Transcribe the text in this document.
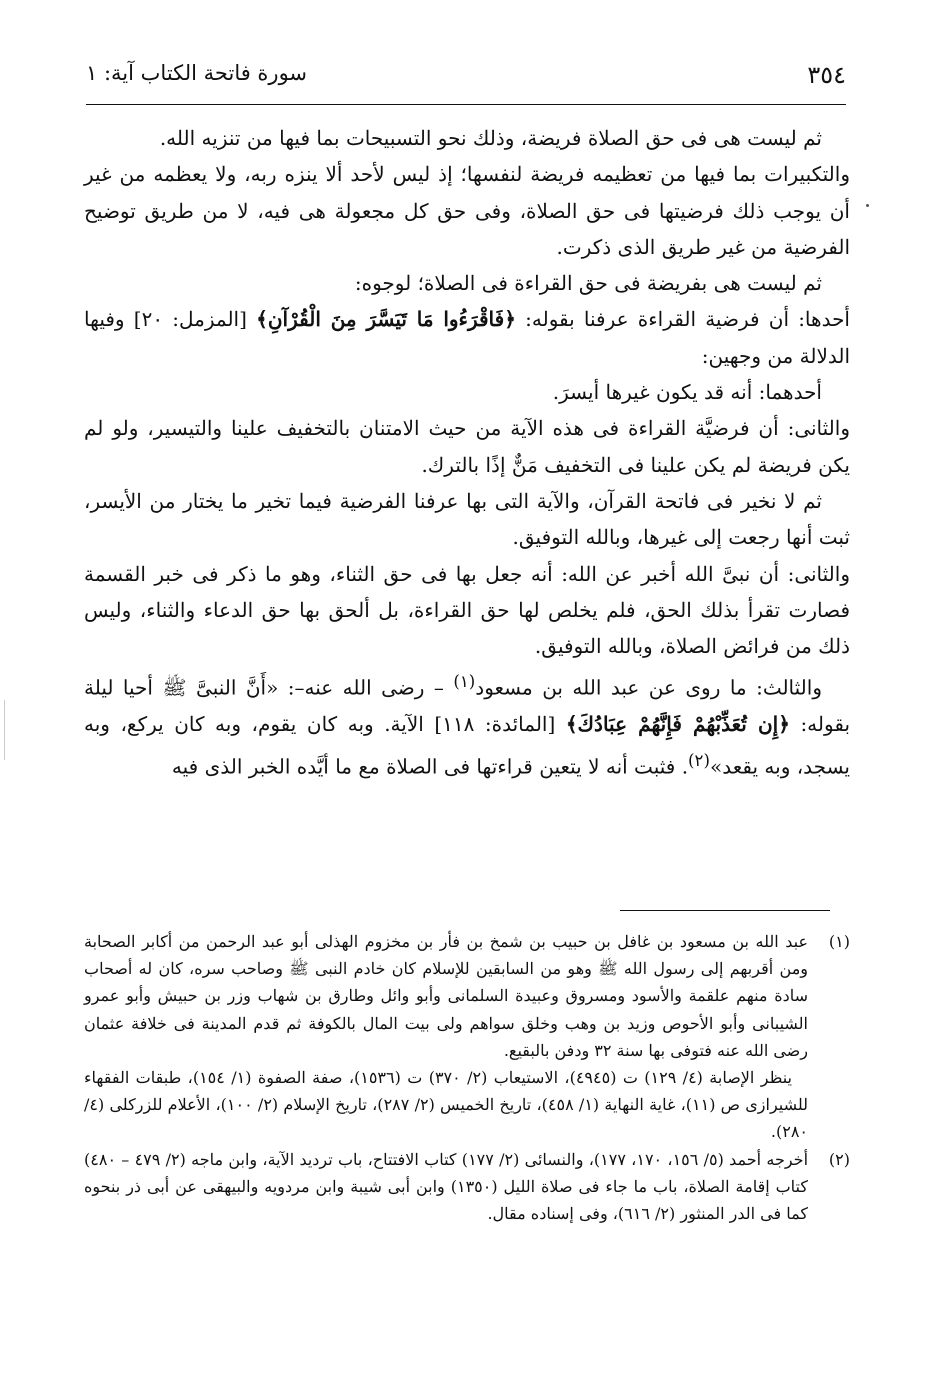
٣٥٤
سورة فاتحة الكتاب آية: ١

ثم ليست هى فى حق الصلاة فريضة، وذلك نحو التسبيحات بما فيها من تنزيه الله.

والتكبيرات بما فيها من تعظيمه فريضة لنفسها؛ إذ ليس لأحد ألا ينزه ربه، ولا يعظمه من غير أن يوجب ذلك فرضيتها فى حق الصلاة، وفى حق كل مجعولة هى فيه، لا من طريق توضيح الفرضية من غير طريق الذى ذكرت.

ثم ليست هى بفريضة فى حق القراءة فى الصلاة؛ لوجوه:

أحدها: أن فرضية القراءة عرفنا بقوله: ﴿فَاقْرَءُوا مَا تَيَسَّرَ مِنَ الْقُرْآنِ﴾ [المزمل: ٢٠] وفيها الدلالة من وجهين:

أحدهما: أنه قد يكون غيرها أيسرَ.

والثانى: أن فرضيَّة القراءة فى هذه الآية من حيث الامتنان بالتخفيف علينا والتيسير، ولو لم يكن فريضة لم يكن علينا فى التخفيف مَنٌّ إذًا بالترك.

ثم لا نخير فى فاتحة القرآن، والآية التى بها عرفنا الفرضية فيما تخير ما يختار من الأيسر، ثبت أنها رجعت إلى غيرها، وبالله التوفيق.

والثانى: أن نبىَّ الله أخبر عن الله: أنه جعل بها فى حق الثناء، وهو ما ذكر فى خبر القسمة فصارت تقرأ بذلك الحق، فلم يخلص لها حق القراءة، بل ألحق بها حق الدعاء والثناء، وليس ذلك من فرائض الصلاة، وبالله التوفيق.

والثالث: ما روى عن عبد الله بن مسعود$^{(١)}$ – رضى الله عنه–: «أَنَّ النبىَّ ﷺ أحيا ليلة بقوله: ﴿إِن تُعَذِّبْهُمْ فَإِنَّهُمْ عِبَادُكَ﴾ [المائدة: ١١٨] الآية. وبه كان يقوم، وبه كان يركع، وبه يسجد، وبه يقعد»$^{(٢)}$. فثبت أنه لا يتعين قراءتها فى الصلاة مع ما أيَّده الخبر الذى فيه

(١)

عبد الله بن مسعود بن غافل بن حبيب بن شمخ بن فأر بن مخزوم الهذلى أبو عبد الرحمن من أكابر الصحابة ومن أقربهم إلى رسول الله ﷺ وهو من السابقين للإسلام كان خادم النبى ﷺ وصاحب سره، كان له أصحاب سادة منهم علقمة والأسود ومسروق وعبيدة السلمانى وأبو وائل وطارق بن شهاب وزر بن حبيش وأبو عمرو الشيبانى وأبو الأحوص وزيد بن وهب وخلق سواهم ولى بيت المال بالكوفة ثم قدم المدينة فى خلافة عثمان رضى الله عنه فتوفى بها سنة ٣٢ ودفن بالبقيع.

ينظر الإصابة (٤/ ١٢٩) ت (٤٩٤٥)، الاستيعاب (٢/ ٣٧٠) ت (١٥٣٦)، صفة الصفوة (١/ ١٥٤)، طبقات الفقهاء للشيرازى ص (١١)، غاية النهاية (١/ ٤٥٨)، تاريخ الخميس (٢/ ٢٨٧)، تاريخ الإسلام (٢/ ١٠٠)، الأعلام للزركلى (٤/ ٢٨٠).

(٢)

أخرجه أحمد (٥/ ١٥٦، ١٧٠، ١٧٧)، والنسائى (٢/ ١٧٧) كتاب الافتتاح، باب ترديد الآية، وابن ماجه (٢/ ٤٧٩ – ٤٨٠) كتاب إقامة الصلاة، باب ما جاء فى صلاة الليل (١٣٥٠) وابن أبى شيبة وابن مردويه والبيهقى عن أبى ذر بنحوه كما فى الدر المنثور (٢/ ٦١٦)، وفى إسناده مقال.
